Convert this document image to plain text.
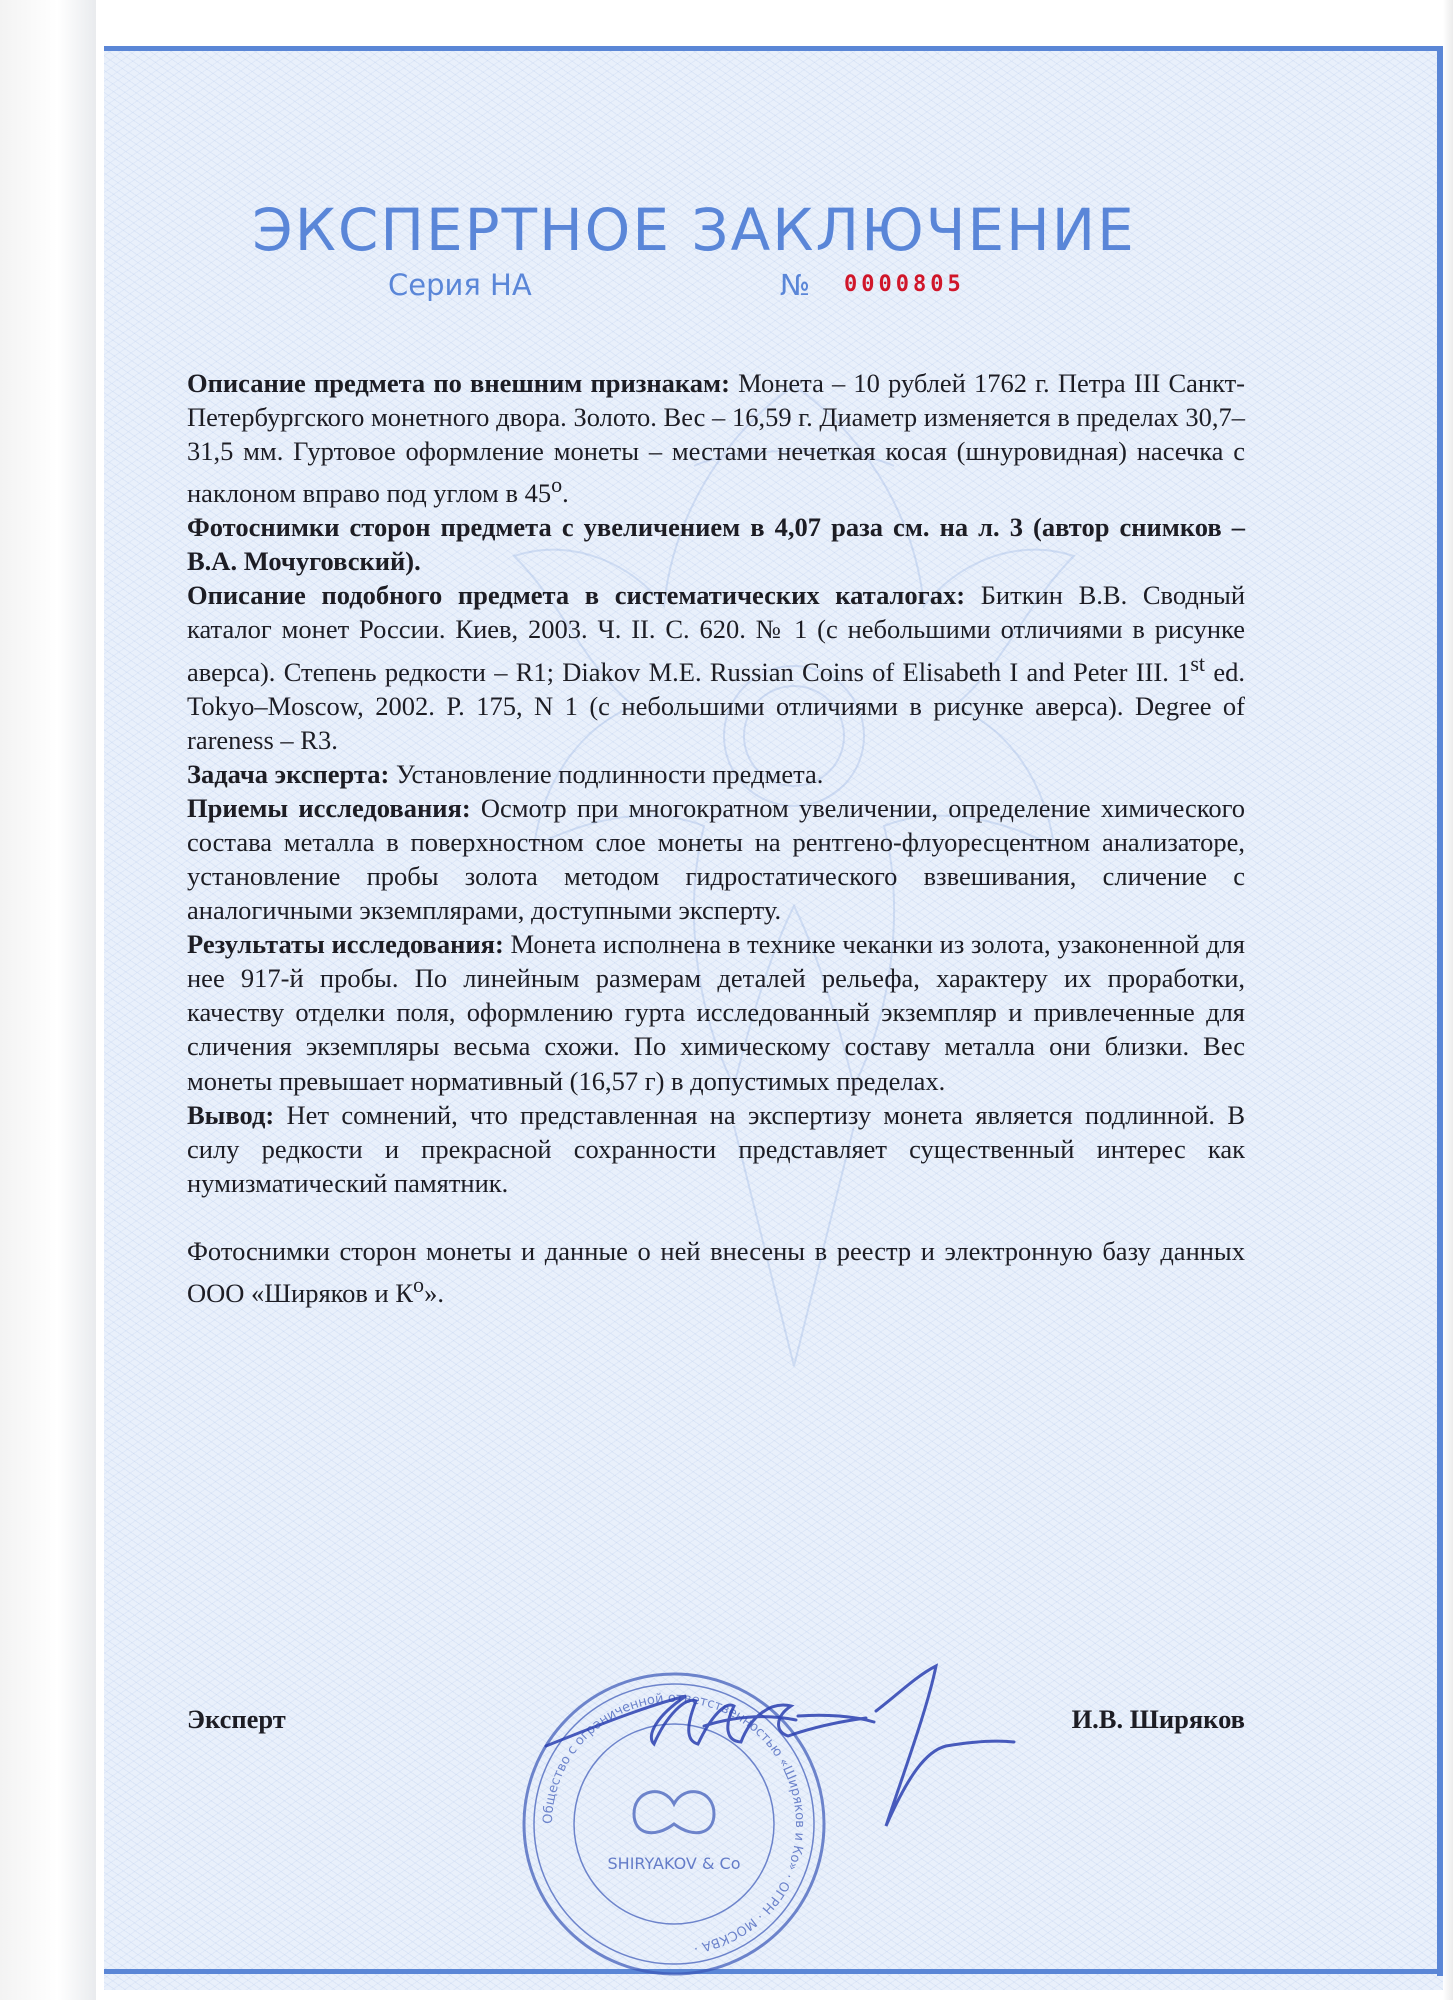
ЭКСПЕРТНОЕ ЗАКЛЮЧЕНИЕ
Серия НА	№ 0000805

Описание предмета по внешним признакам: Монета – 10 рублей 1762 г. Петра III Санкт-Петербургского монетного двора. Золото. Вес – 16,59 г. Диаметр изменяется в пределах 30,7–31,5 мм. Гуртовое оформление монеты – местами нечеткая косая (шнуровидная) насечка с наклоном вправо под углом в $45^о$.

Фотоснимки сторон предмета с увеличением в 4,07 раза см. на л. 3 (автор снимков – В.А. Мочуговский).

Описание подобного предмета в систематических каталогах: Биткин В.В. Сводный каталог монет России. Киев, 2003. Ч. II. С. 620. № 1 (с небольшими отличиями в рисунке аверса). Степень редкости – R1; Diakov M.E. Russian Coins of Elisabeth I and Peter III. 1st ed. Tokyo–Moscow, 2002. P. 175, N 1 (с небольшими отличиями в рисунке аверса). Degree of rareness – R3.

Задача эксперта: Установление подлинности предмета.

Приемы исследования: Осмотр при многократном увеличении, определение химического состава металла в поверхностном слое монеты на рентгено-флуоресцентном анализаторе, установление пробы золота методом гидростатического взвешивания, сличение с аналогичными экземплярами, доступными эксперту.

Результаты исследования: Монета исполнена в технике чеканки из золота, узаконенной для нее 917-й пробы. По линейным размерам деталей рельефа, характеру их проработки, качеству отделки поля, оформлению гурта исследованный экземпляр и привлеченные для сличения экземпляры весьма схожи. По химическому составу металла они близки. Вес монеты превышает нормативный (16,57 г) в допустимых пределах.

Вывод: Нет сомнений, что представленная на экспертизу монета является подлинной. В силу редкости и прекрасной сохранности представляет существенный интерес как нумизматический памятник.

Фотоснимки сторон монеты и данные о ней внесены в реестр и электронную базу данных ООО «Ширяков и $К^о$».

Общество с ограниченной ответственностью «Ширяков и Ко» · ОГРН · МОСКВА ·
SHIRYAKOV & Co
Эксперт	И.В. Ширяков
